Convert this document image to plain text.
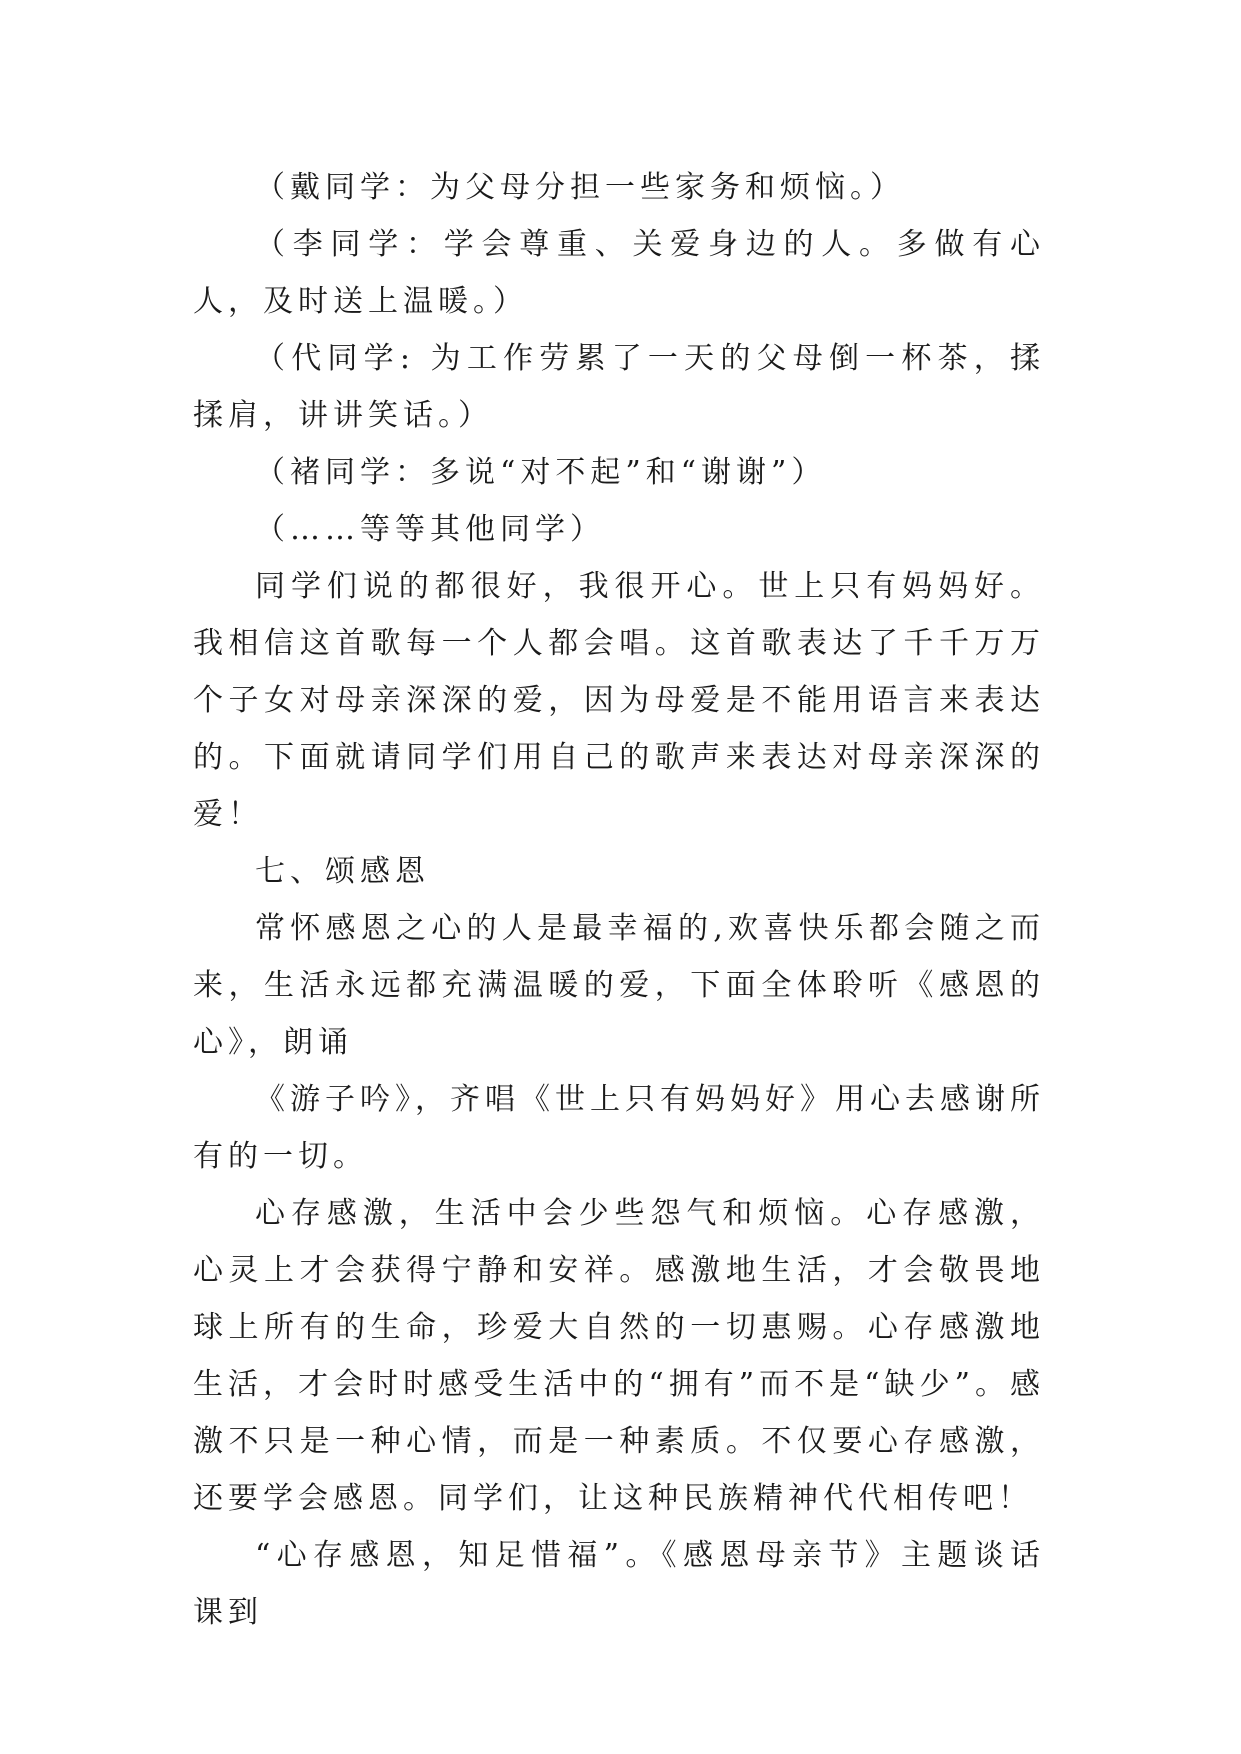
（戴同学：为父母分担一些家务和烦恼。）

（李同学：学会尊重、关爱身边的人。多做有心人，及时送上温暖。）

（代同学: 为工作劳累了一天的父母倒一杯茶，揉揉肩，讲讲笑话。）

（褚同学：多说“对不起”和“谢谢”）

（……等等其他同学）

同学们说的都很好，我很开心。世上只有妈妈好。我相信这首歌每一个人都会唱。这首歌表达了千千万万个子女对母亲深深的爱，因为母爱是不能用语言来表达的。下面就请同学们用自己的歌声来表达对母亲深深的爱！

七、颂感恩

常怀感恩之心的人是最幸福的,欢喜快乐都会随之而来，生活永远都充满温暖的爱，下面全体聆听《感恩的心》，朗诵

《游子吟》，齐唱《世上只有妈妈好》用心去感谢所有的一切。

心存感激，生活中会少些怨气和烦恼。心存感激，心灵上才会获得宁静和安祥。感激地生活，才会敬畏地球上所有的生命，珍爱大自然的一切惠赐。心存感激地生活，才会时时感受生活中的“拥有”而不是“缺少”。感激不只是一种心情，而是一种素质。不仅要心存感激，还要学会感恩。同学们，让这种民族精神代代相传吧！

“心存感恩，知足惜福”。《感恩母亲节》主题谈话课到
